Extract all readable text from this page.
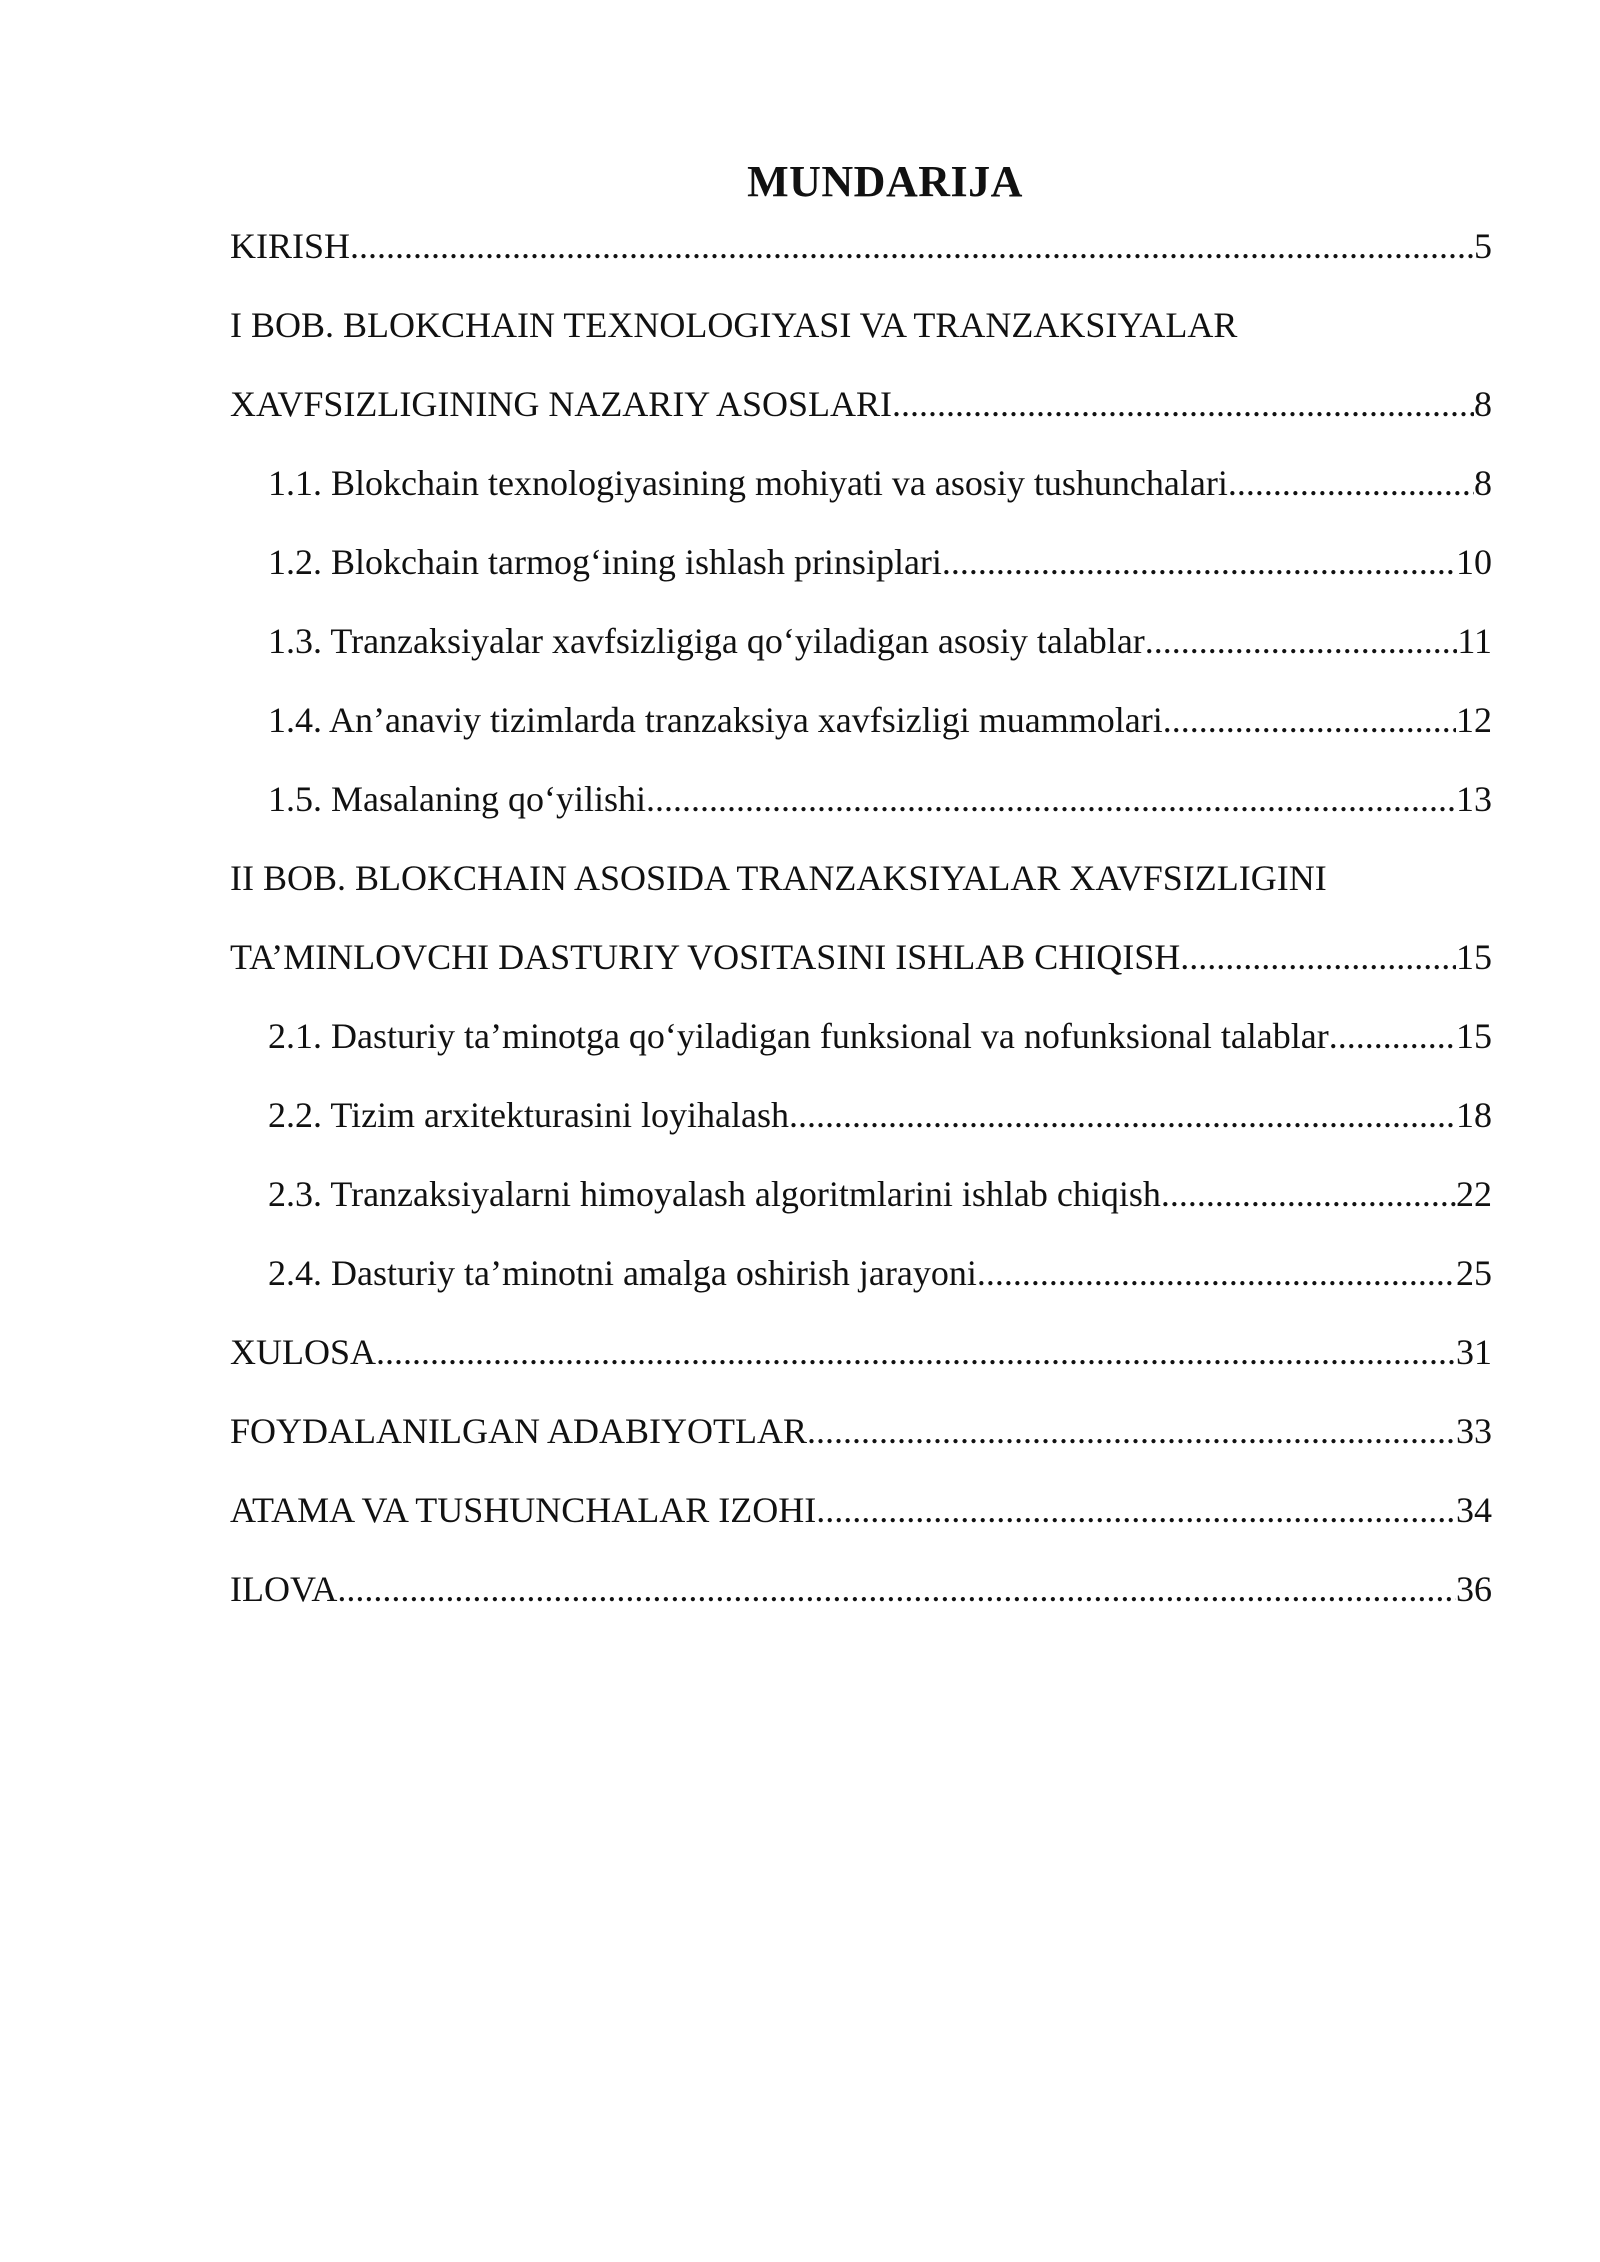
MUNDARIJA
KIRISH .....	5
I BOB. BLOKCHAIN TEXNOLOGIYASI VA TRANZAKSIYALAR
XAVFSIZLIGINING NAZARIY ASOSLARI .....	8
1.1. Blokchain texnologiyasining mohiyati va asosiy tushunchalari .....	8
1.2. Blokchain tarmog‘ining ishlash prinsiplari .....	10
1.3. Tranzaksiyalar xavfsizligiga qo‘yiladigan asosiy talablar .....	11
1.4. An’anaviy tizimlarda tranzaksiya xavfsizligi muammolari .....	12
1.5. Masalaning qo‘yilishi .....	13
II BOB. BLOKCHAIN ASOSIDA TRANZAKSIYALAR XAVFSIZLIGINI
TA’MINLOVCHI DASTURIY VOSITASINI ISHLAB CHIQISH .....	15
2.1. Dasturiy ta’minotga qo‘yiladigan funksional va nofunksional talablar .....	15
2.2. Tizim arxitekturasini loyihalash .....	18
2.3. Tranzaksiyalarni himoyalash algoritmlarini ishlab chiqish .....	22
2.4. Dasturiy ta’minotni amalga oshirish jarayoni .....	25
XULOSA .....	31
FOYDALANILGAN ADABIYOTLAR .....	33
ATAMA VA TUSHUNCHALAR IZOHI .....	34
ILOVA .....	36
